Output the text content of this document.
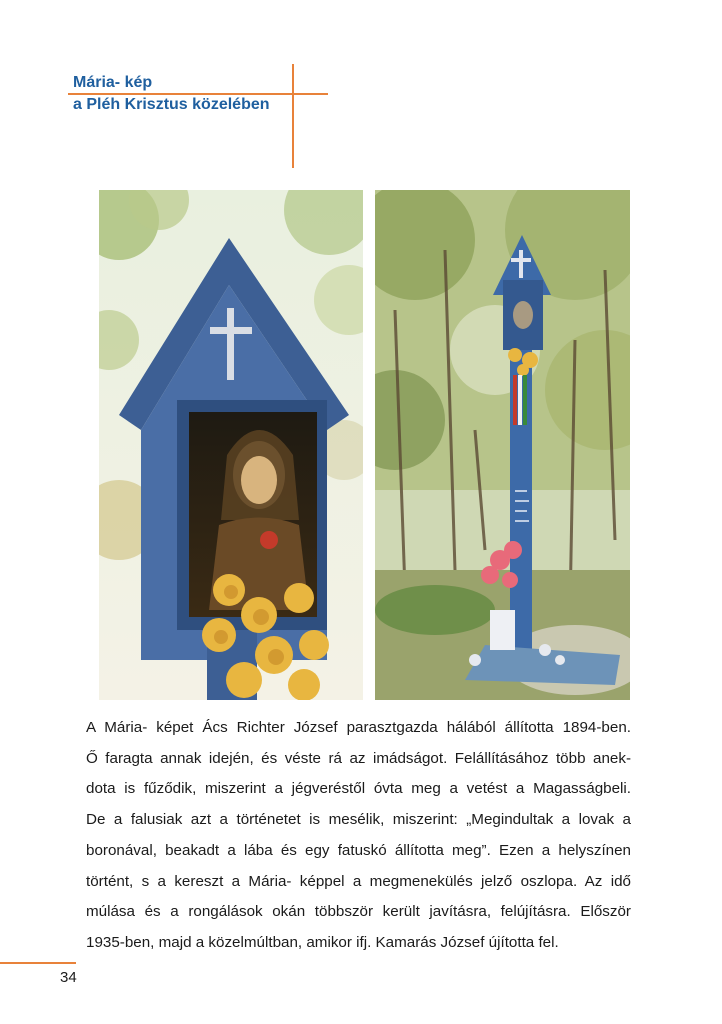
Mária- kép
a Pléh Krisztus közelében
A Mária- képet Ács Richter József parasztgazda hálából állította 1894-ben.
Ő faragta annak idején, és véste rá az imádságot. Felállításához több anek-
dota is fűződik, miszerint a jégveréstől óvta meg a vetést a Magasságbeli.
De a falusiak azt a történetet is mesélik, miszerint: „Megindultak a lovak a
boronával, beakadt a lába és egy fatuskó állította meg”. Ezen a helyszínen
történt, s a kereszt a Mária- képpel a megmenekülés jelző oszlopa. Az idő
múlása és a rongálások okán többször került javításra, felújításra. Először
1935-ben, majd a közelmúltban, amikor ifj. Kamarás József újította fel.
34
